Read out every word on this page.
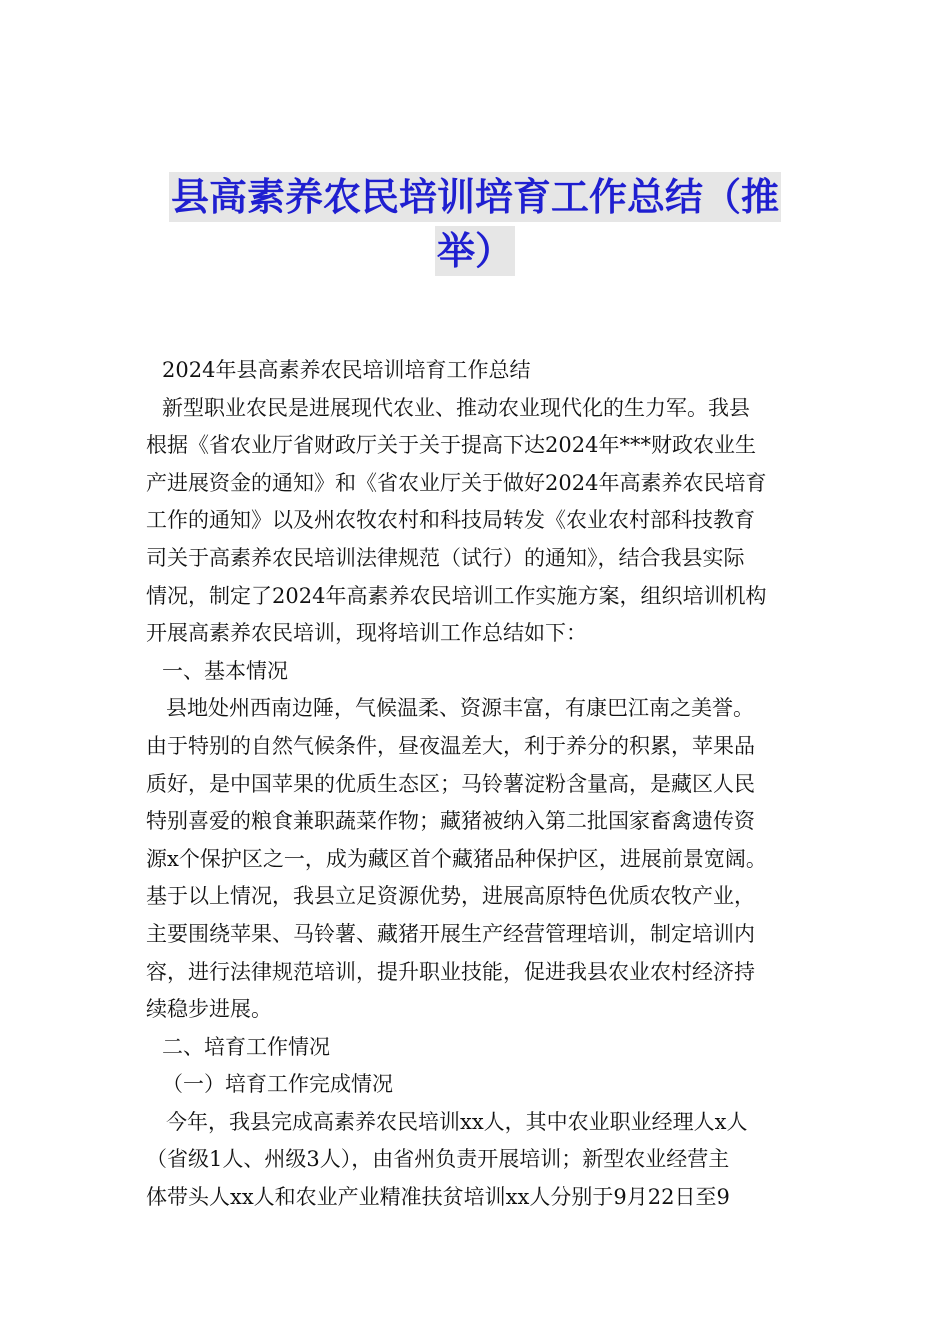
县高素养农民培训培育工作总结（推
举）

2024年县高素养农民培训培育工作总结

新型职业农民是进展现代农业、推动农业现代化的生力军。我县

根据《省农业厅省财政厅关于关于提高下达2024年***财政农业生

产进展资金的通知》和《省农业厅关于做好2024年高素养农民培育

工作的通知》以及州农牧农村和科技局转发《农业农村部科技教育

司关于高素养农民培训法律规范（试行）的通知》，结合我县实际

情况，制定了2024年高素养农民培训工作实施方案，组织培训机构

开展高素养农民培训，现将培训工作总结如下：

一、基本情况

县地处州西南边陲，气候温柔、资源丰富，有康巴江南之美誉。

由于特别的自然气候条件，昼夜温差大，利于养分的积累，苹果品

质好，是中国苹果的优质生态区；马铃薯淀粉含量高，是藏区人民

特别喜爱的粮食兼职蔬菜作物；藏猪被纳入第二批国家畜禽遗传资

源x个保护区之一，成为藏区首个藏猪品种保护区，进展前景宽阔。

基于以上情况，我县立足资源优势，进展高原特色优质农牧产业，

主要围绕苹果、马铃薯、藏猪开展生产经营管理培训，制定培训内

容，进行法律规范培训，提升职业技能，促进我县农业农村经济持

续稳步进展。

二、培育工作情况

（一）培育工作完成情况

今年，我县完成高素养农民培训xx人，其中农业职业经理人x人

（省级1人、州级3人），由省州负责开展培训；新型农业经营主

体带头人xx人和农业产业精准扶贫培训xx人分别于9月22日至9
